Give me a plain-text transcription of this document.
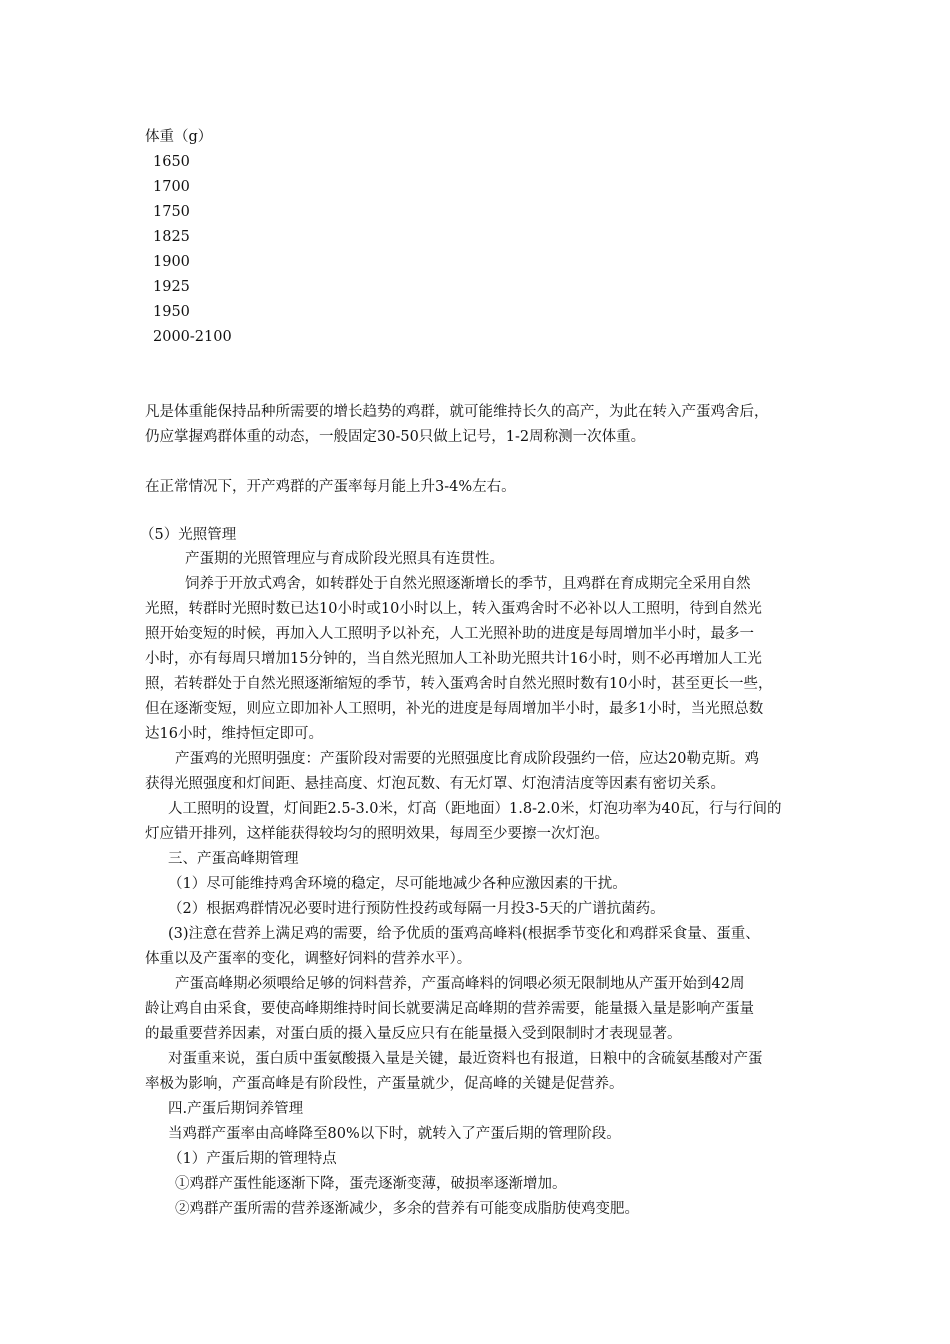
体重（g）
1650
1700
1750
1825
1900
1925
1950
2000-2100
凡是体重能保持品种所需要的增长趋势的鸡群，就可能维持长久的高产，为此在转入产蛋鸡舍后，
仍应掌握鸡群体重的动态，一般固定30-50只做上记号，1-2周称测一次体重。
在正常情况下，开产鸡群的产蛋率每月能上升3-4%左右。
（5）光照管理
产蛋期的光照管理应与育成阶段光照具有连贯性。
饲养于开放式鸡舍，如转群处于自然光照逐渐增长的季节，且鸡群在育成期完全采用自然
光照，转群时光照时数已达10小时或10小时以上，转入蛋鸡舍时不必补以人工照明，待到自然光
照开始变短的时候，再加入人工照明予以补充，人工光照补助的进度是每周增加半小时，最多一
小时，亦有每周只增加15分钟的，当自然光照加人工补助光照共计16小时，则不必再增加人工光
照，若转群处于自然光照逐渐缩短的季节，转入蛋鸡舍时自然光照时数有10小时，甚至更长一些，
但在逐渐变短，则应立即加补人工照明，补光的进度是每周增加半小时，最多1小时，当光照总数
达16小时，维持恒定即可。
产蛋鸡的光照明强度：产蛋阶段对需要的光照强度比育成阶段强约一倍，应达20勒克斯。鸡
获得光照强度和灯间距、悬挂高度、灯泡瓦数、有无灯罩、灯泡清洁度等因素有密切关系。
人工照明的设置，灯间距2.5-3.0米，灯高（距地面）1.8-2.0米，灯泡功率为40瓦，行与行间的
灯应错开排列，这样能获得较均匀的照明效果，每周至少要擦一次灯泡。
三、产蛋高峰期管理
（1）尽可能维持鸡舍环境的稳定，尽可能地减少各种应激因素的干扰。
（2）根据鸡群情况必要时进行预防性投药或每隔一月投3-5天的广谱抗菌药。
(3)注意在营养上满足鸡的需要，给予优质的蛋鸡高峰料(根据季节变化和鸡群采食量、蛋重、
体重以及产蛋率的变化，调整好饲料的营养水平）。
产蛋高峰期必须喂给足够的饲料营养，产蛋高峰料的饲喂必须无限制地从产蛋开始到42周
龄让鸡自由采食，要使高峰期维持时间长就要满足高峰期的营养需要，能量摄入量是影响产蛋量
的最重要营养因素，对蛋白质的摄入量反应只有在能量摄入受到限制时才表现显著。
对蛋重来说，蛋白质中蛋氨酸摄入量是关键，最近资料也有报道，日粮中的含硫氨基酸对产蛋
率极为影响，产蛋高峰是有阶段性，产蛋量就少，促高峰的关键是促营养。
四.产蛋后期饲养管理
当鸡群产蛋率由高峰降至80%以下时，就转入了产蛋后期的管理阶段。
（1）产蛋后期的管理特点
①鸡群产蛋性能逐渐下降，蛋壳逐渐变薄，破损率逐渐增加。
②鸡群产蛋所需的营养逐渐减少，多余的营养有可能变成脂肪使鸡变肥。
